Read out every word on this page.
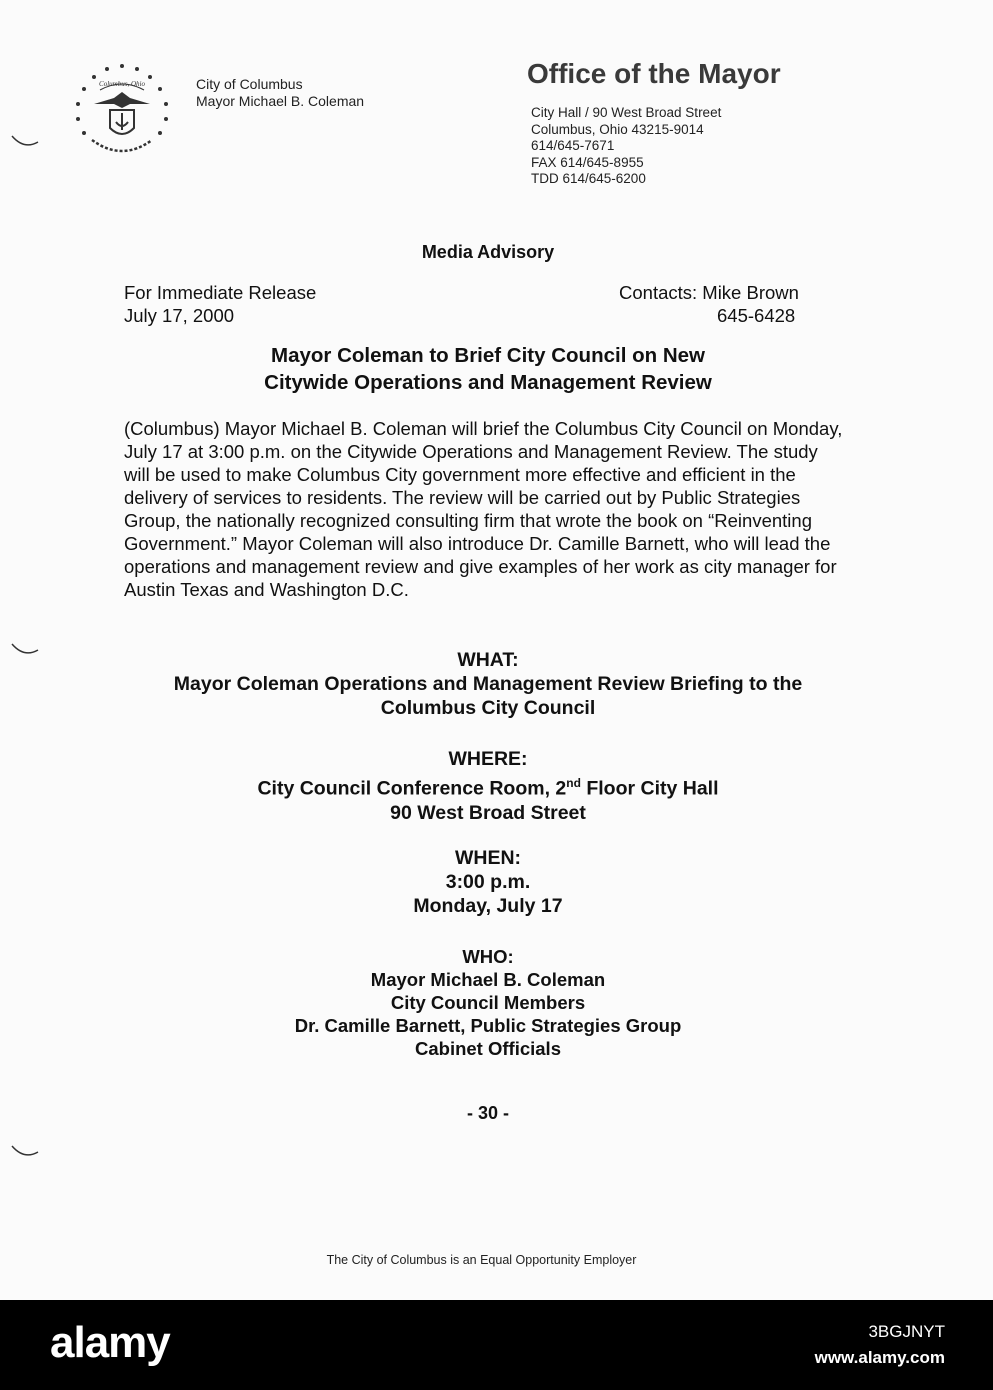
Columbus, Ohio	City of Columbus
Mayor Michael B. Coleman
Office of the Mayor
City Hall / 90 West Broad Street
Columbus, Ohio 43215-9014
614/645-7671
FAX 614/645-8955
TDD 614/645-6200
Media Advisory
For Immediate Release
July 17, 2000
Contacts: Mike Brown
645-6428
Mayor Coleman to Brief City Council on New
Citywide Operations and Management Review
(Columbus) Mayor Michael B. Coleman will brief the Columbus City Council on Monday, July 17 at 3:00 p.m. on the Citywide Operations and Management Review. The study will be used to make Columbus City government more effective and efficient in the delivery of services to residents. The review will be carried out by Public Strategies Group, the nationally recognized consulting firm that wrote the book on “Reinventing Government.” Mayor Coleman will also introduce Dr. Camille Barnett, who will lead the operations and management review and give examples of her work as city manager for Austin Texas and Washington D.C.
WHAT:
Mayor Coleman Operations and Management Review Briefing to the
Columbus City Council
WHERE:
City Council Conference Room, 2nd Floor City Hall
90 West Broad Street
WHEN:
3:00 p.m.
Monday, July 17
WHO:
Mayor Michael B. Coleman
City Council Members
Dr. Camille Barnett, Public Strategies Group
Cabinet Officials
- 30 -
The City of Columbus is an Equal Opportunity Employer
alamy	3BGJNYT
www.alamy.com
